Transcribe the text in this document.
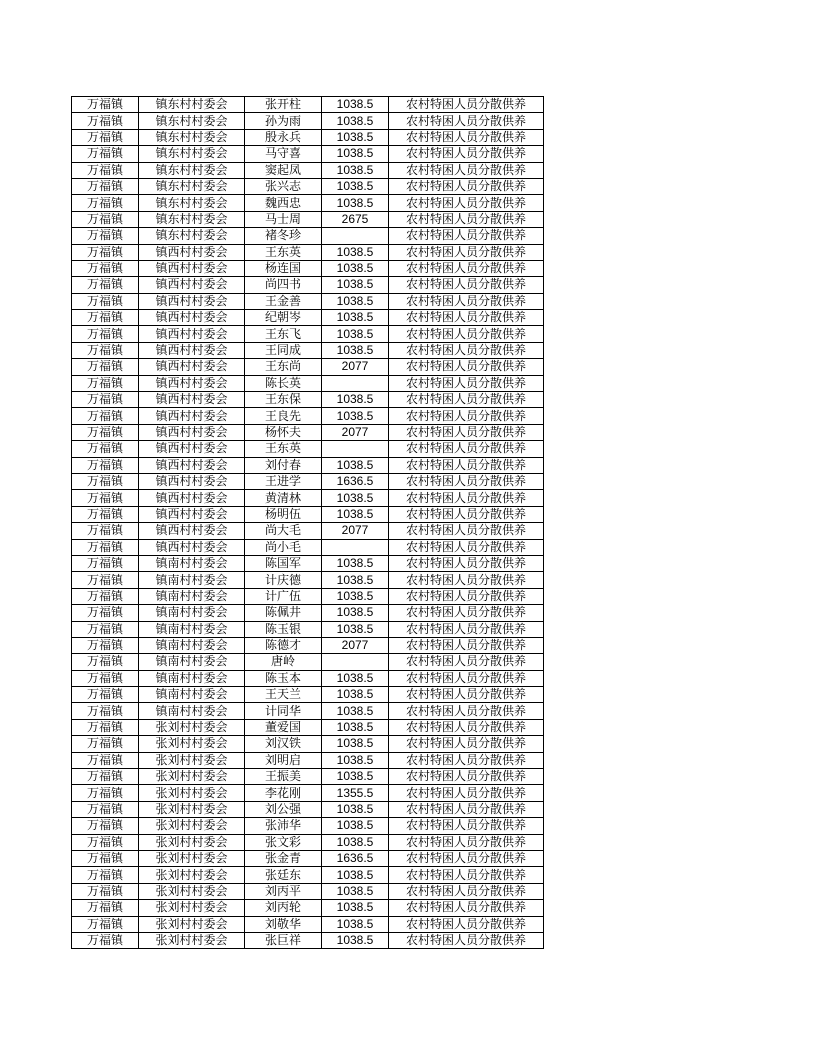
万福镇	镇东村村委会	张开柱	1038.5	农村特困人员分散供养
万福镇	镇东村村委会	孙为雨	1038.5	农村特困人员分散供养
万福镇	镇东村村委会	殷永兵	1038.5	农村特困人员分散供养
万福镇	镇东村村委会	马守喜	1038.5	农村特困人员分散供养
万福镇	镇东村村委会	窦起凤	1038.5	农村特困人员分散供养
万福镇	镇东村村委会	张兴志	1038.5	农村特困人员分散供养
万福镇	镇东村村委会	魏西忠	1038.5	农村特困人员分散供养
万福镇	镇东村村委会	马士周	2675	农村特困人员分散供养
万福镇	镇东村村委会	褚冬珍		农村特困人员分散供养
万福镇	镇西村村委会	王东英	1038.5	农村特困人员分散供养
万福镇	镇西村村委会	杨连国	1038.5	农村特困人员分散供养
万福镇	镇西村村委会	尚四书	1038.5	农村特困人员分散供养
万福镇	镇西村村委会	王金善	1038.5	农村特困人员分散供养
万福镇	镇西村村委会	纪朝岑	1038.5	农村特困人员分散供养
万福镇	镇西村村委会	王东飞	1038.5	农村特困人员分散供养
万福镇	镇西村村委会	王同成	1038.5	农村特困人员分散供养
万福镇	镇西村村委会	王东尚	2077	农村特困人员分散供养
万福镇	镇西村村委会	陈长英		农村特困人员分散供养
万福镇	镇西村村委会	王东保	1038.5	农村特困人员分散供养
万福镇	镇西村村委会	王良先	1038.5	农村特困人员分散供养
万福镇	镇西村村委会	杨怀夫	2077	农村特困人员分散供养
万福镇	镇西村村委会	王东英		农村特困人员分散供养
万福镇	镇西村村委会	刘付春	1038.5	农村特困人员分散供养
万福镇	镇西村村委会	王进学	1636.5	农村特困人员分散供养
万福镇	镇西村村委会	黄清林	1038.5	农村特困人员分散供养
万福镇	镇西村村委会	杨明伍	1038.5	农村特困人员分散供养
万福镇	镇西村村委会	尚大毛	2077	农村特困人员分散供养
万福镇	镇西村村委会	尚小毛		农村特困人员分散供养
万福镇	镇南村村委会	陈国军	1038.5	农村特困人员分散供养
万福镇	镇南村村委会	计庆德	1038.5	农村特困人员分散供养
万福镇	镇南村村委会	计广伍	1038.5	农村特困人员分散供养
万福镇	镇南村村委会	陈佩井	1038.5	农村特困人员分散供养
万福镇	镇南村村委会	陈玉银	1038.5	农村特困人员分散供养
万福镇	镇南村村委会	陈德才	2077	农村特困人员分散供养
万福镇	镇南村村委会	唐岭		农村特困人员分散供养
万福镇	镇南村村委会	陈玉本	1038.5	农村特困人员分散供养
万福镇	镇南村村委会	王天兰	1038.5	农村特困人员分散供养
万福镇	镇南村村委会	计同华	1038.5	农村特困人员分散供养
万福镇	张刘村村委会	董爱国	1038.5	农村特困人员分散供养
万福镇	张刘村村委会	刘汉铁	1038.5	农村特困人员分散供养
万福镇	张刘村村委会	刘明启	1038.5	农村特困人员分散供养
万福镇	张刘村村委会	王振美	1038.5	农村特困人员分散供养
万福镇	张刘村村委会	李花刚	1355.5	农村特困人员分散供养
万福镇	张刘村村委会	刘公强	1038.5	农村特困人员分散供养
万福镇	张刘村村委会	张沛华	1038.5	农村特困人员分散供养
万福镇	张刘村村委会	张文彩	1038.5	农村特困人员分散供养
万福镇	张刘村村委会	张金青	1636.5	农村特困人员分散供养
万福镇	张刘村村委会	张廷东	1038.5	农村特困人员分散供养
万福镇	张刘村村委会	刘丙平	1038.5	农村特困人员分散供养
万福镇	张刘村村委会	刘丙轮	1038.5	农村特困人员分散供养
万福镇	张刘村村委会	刘敬华	1038.5	农村特困人员分散供养
万福镇	张刘村村委会	张巨祥	1038.5	农村特困人员分散供养
